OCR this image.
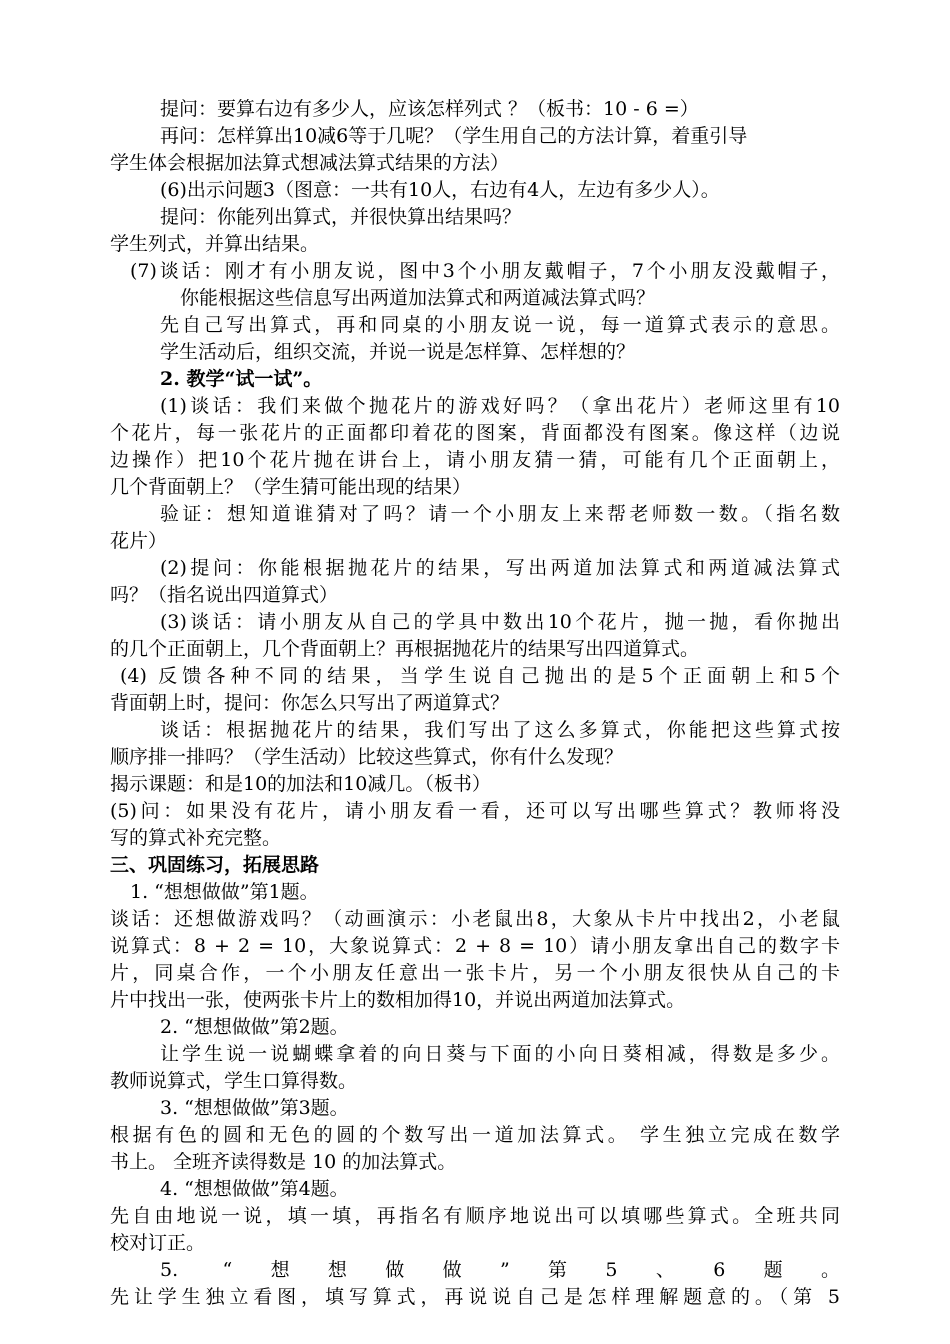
提问：要算右边有多少人，应该怎样列式 ？（板书：10 - 6 =）
再问：怎样算出10减6等于几呢？（学生用自己的方法计算，着重引导
学生体会根据加法算式想减法算式结果的方法）
(6)出示问题3（图意：一共有10人，右边有4人，左边有多少人）。
提问：你能列出算式，并很快算出结果吗？
学生列式，并算出结果。
(7)谈话：刚才有小朋友说，图中3个小朋友戴帽子，7个小朋友没戴帽子，
你能根据这些信息写出两道加法算式和两道减法算式吗？
先自己写出算式，再和同桌的小朋友说一说，每一道算式表示的意思。
学生活动后，组织交流，并说一说是怎样算、怎样想的？
2. 教学“试一试”。
(1)谈话：我们来做个抛花片的游戏好吗？（拿出花片）老师这里有10
个花片，每一张花片的正面都印着花的图案，背面都没有图案。像这样（边说
边操作）把10个花片抛在讲台上，请小朋友猜一猜，可能有几个正面朝上，
几个背面朝上？（学生猜可能出现的结果）
验证：想知道谁猜对了吗？请一个小朋友上来帮老师数一数。（指名数
花片）
(2)提问：你能根据抛花片的结果，写出两道加法算式和两道减法算式
吗？（指名说出四道算式）
(3)谈话：请小朋友从自己的学具中数出10个花片，抛一抛，看你抛出
的几个正面朝上，几个背面朝上？再根据抛花片的结果写出四道算式。
(4) 反馈各种不同的结果，当学生说自己抛出的是5个正面朝上和5个
背面朝上时，提问：你怎么只写出了两道算式？
谈话：根据抛花片的结果，我们写出了这么多算式，你能把这些算式按
顺序排一排吗？（学生活动）比较这些算式，你有什么发现？
揭示课题：和是10的加法和10减几。（板书）
(5)问：如果没有花片，请小朋友看一看，还可以写出哪些算式？教师将没
写的算式补充完整。
三、巩固练习，拓展思路
1. “想想做做”第1题。
谈话：还想做游戏吗？（动画演示：小老鼠出8，大象从卡片中找出2，小老鼠
说算式：8 + 2 = 10，大象说算式：2 + 8 = 10）请小朋友拿出自己的数字卡
片，同桌合作，一个小朋友任意出一张卡片，另一个小朋友很快从自己的卡
片中找出一张，使两张卡片上的数相加得10，并说出两道加法算式。
2. “想想做做”第2题。
让学生说一说蝴蝶拿着的向日葵与下面的小向日葵相减，得数是多少。
教师说算式，学生口算得数。
3. “想想做做”第3题。
根据有色的圆和无色的圆的个数写出一道加法算式。 学生独立完成在数学
书上。 全班齐读得数是 10 的加法算式。
4. “想想做做”第4题。
先自由地说一说，填一填，再指名有顺序地说出可以填哪些算式。全班共同
校对订正。
5. “想想做做”第5、6题。
先让学生独立看图，填写算式，再说说自己是怎样理解题意的。（第 5
